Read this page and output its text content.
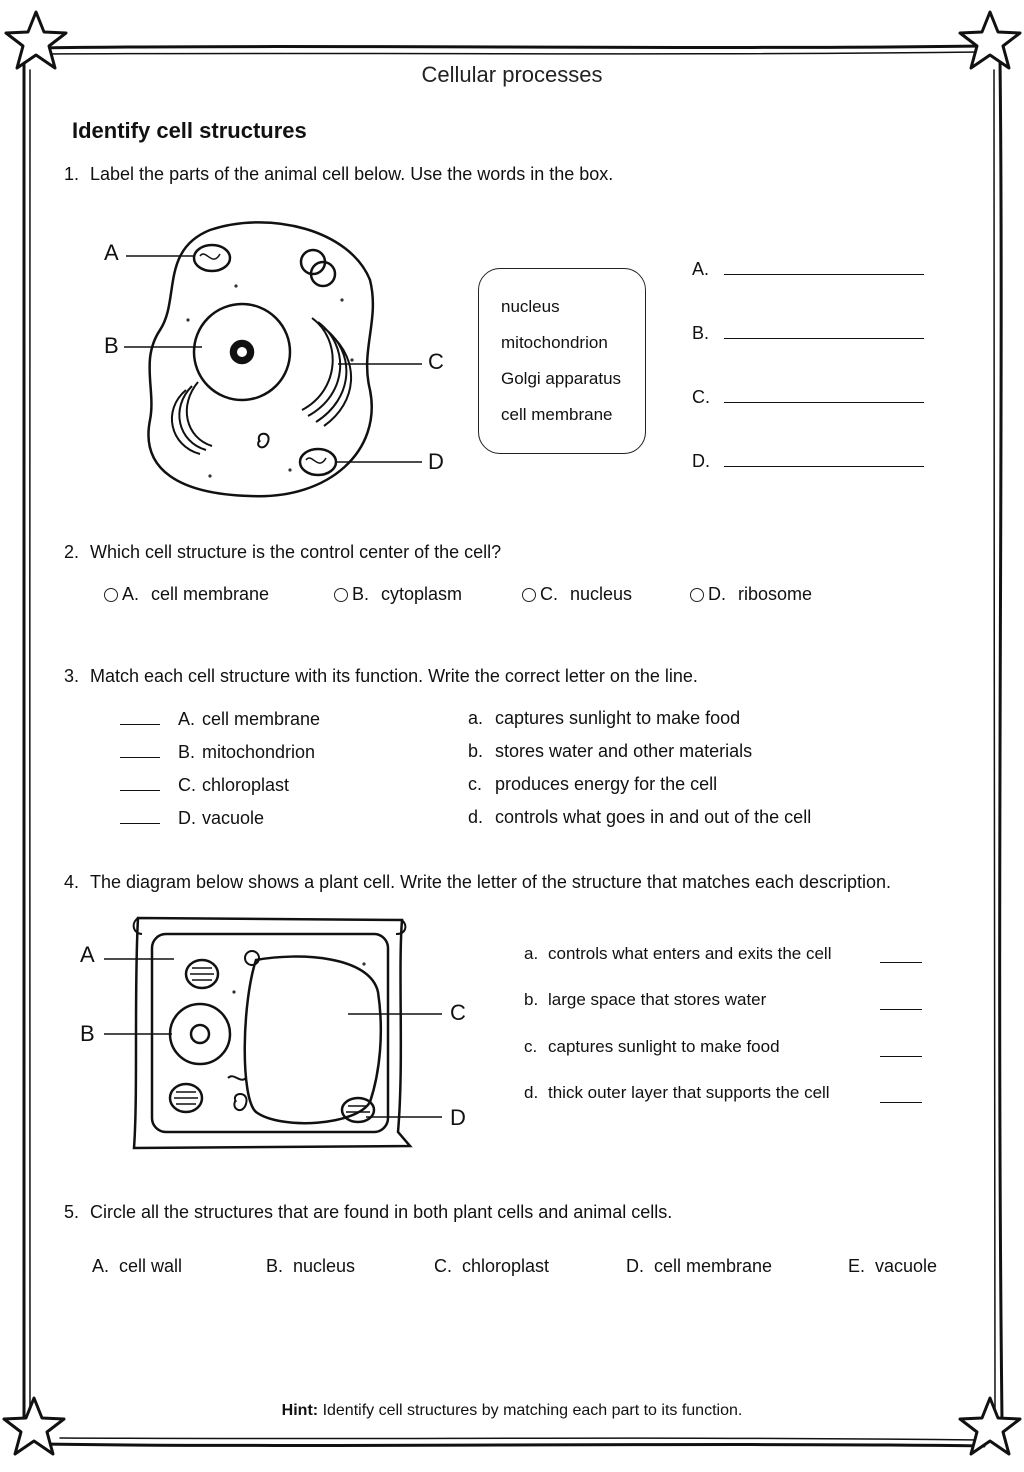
Cellular processes
Identify cell structures
1. Label the parts of the animal cell below. Use the words in the box.
A
B
C
D
nucleus
mitochondrion
Golgi apparatus
cell membrane
A.
B.
C.
D.
2. Which cell structure is the control center of the cell?
A. cell membrane	B. cytoplasm	C. nucleus	D. ribosome
3. Match each cell structure with its function. Write the correct letter on the line.
A. cell membrane
B. mitochondrion
C. chloroplast
D. vacuole
a. captures sunlight to make food
b. stores water and other materials
c. produces energy for the cell
d. controls what goes in and out of the cell
4. The diagram below shows a plant cell. Write the letter of the structure that matches each description.
A
B
C
D
a. controls what enters and exits the cell
b. large space that stores water
c. captures sunlight to make food
d. thick outer layer that supports the cell
5. Circle all the structures that are found in both plant cells and animal cells.
A. cell wall	B. nucleus	C. chloroplast	D. cell membrane	E. vacuole
Hint: Identify cell structures by matching each part to its function.
